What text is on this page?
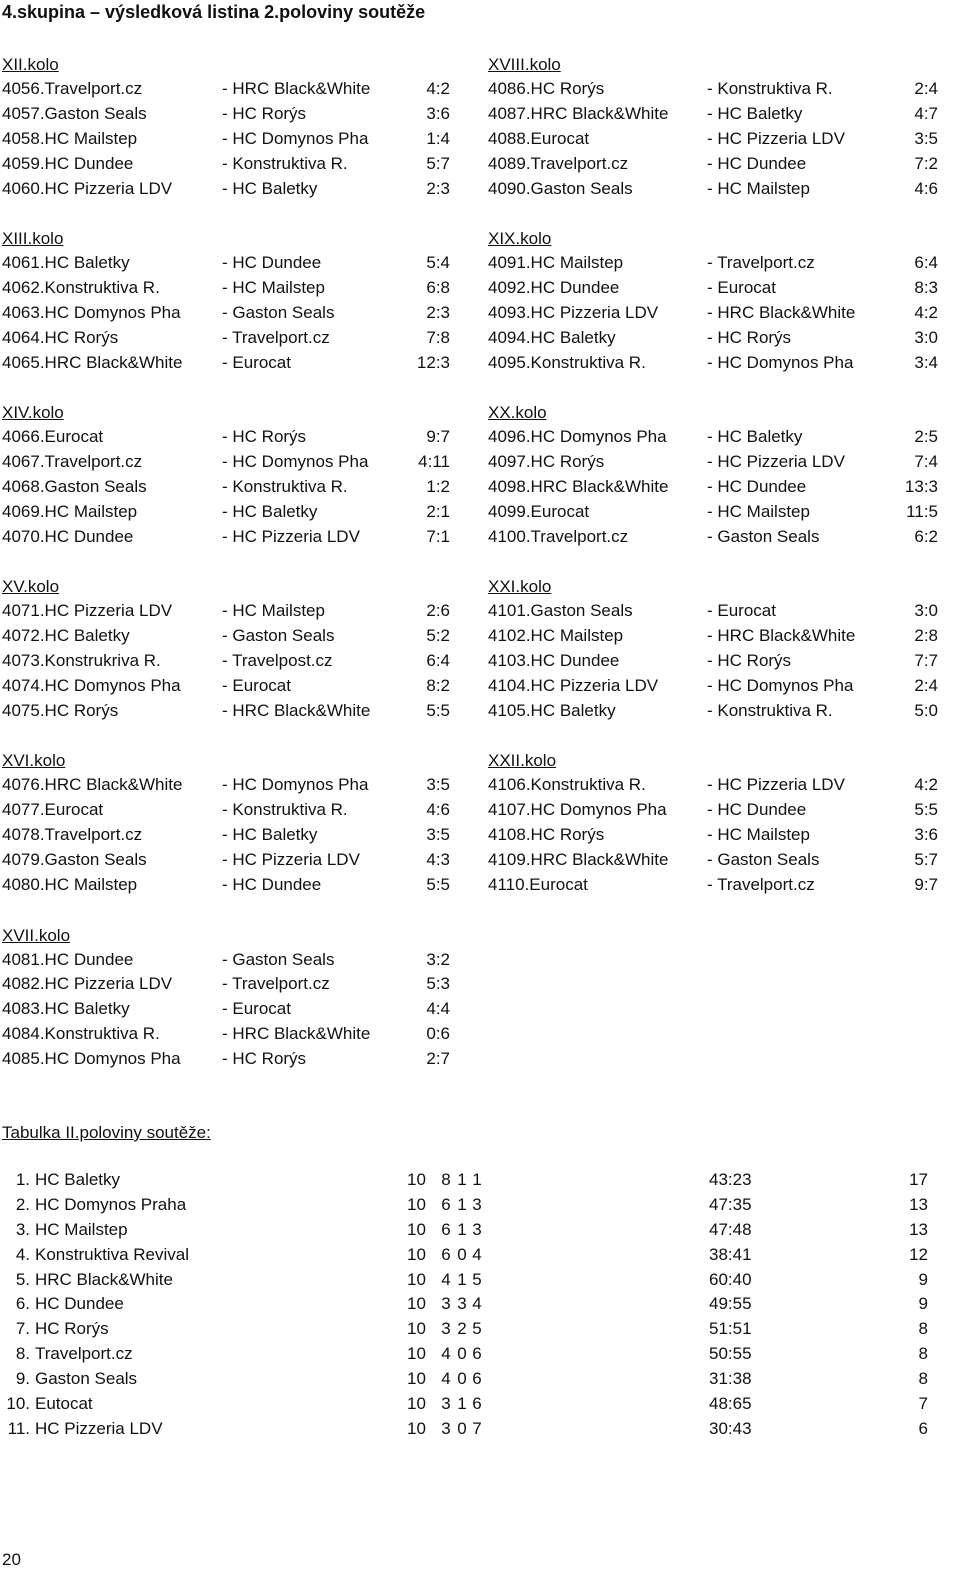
4.skupina – výsledková listina 2.poloviny soutěže
XII.kolo
4056.Travelport.cz	- HRC Black&White	4:2
4057.Gaston Seals	- HC Rorýs	3:6
4058.HC Mailstep	- HC Domynos Pha	1:4
4059.HC Dundee	- Konstruktiva R.	5:7
4060.HC Pizzeria LDV	- HC Baletky	2:3
XIII.kolo
4061.HC Baletky	- HC Dundee	5:4
4062.Konstruktiva R.	- HC Mailstep	6:8
4063.HC Domynos Pha - Gaston Seals	2:3
4064.HC Rorýs	- Travelport.cz	7:8
4065.HRC Black&White - Eurocat	12:3
XIV.kolo
4066.Eurocat	- HC Rorýs	9:7
4067.Travelport.cz	- HC Domynos Pha	4:11
4068.Gaston Seals	- Konstruktiva R.	1:2
4069.HC Mailstep	- HC Baletky	2:1
4070.HC Dundee	- HC Pizzeria LDV	7:1
XV.kolo
4071.HC Pizzeria LDV	- HC Mailstep	2:6
4072.HC Baletky	- Gaston Seals	5:2
4073.Konstrukriva R.	- Travelpost.cz	6:4
4074.HC Domynos Pha - Eurocat	8:2
4075.HC Rorýs	- HRC Black&White	5:5
XVI.kolo
4076.HRC Black&White - HC Domynos Pha	3:5
4077.Eurocat	- Konstruktiva R.	4:6
4078.Travelport.cz	- HC Baletky	3:5
4079.Gaston Seals	- HC Pizzeria LDV	4:3
4080.HC Mailstep	- HC Dundee	5:5
XVII.kolo
4081.HC Dundee	- Gaston Seals	3:2
4082.HC Pizzeria LDV	- Travelport.cz	5:3
4083.HC Baletky	- Eurocat	4:4
4084.Konstruktiva R.	- HRC Black&White	0:6
4085.HC Domynos Pha - HC Rorýs	2:7
XVIII.kolo
4086.HC Rorýs	- Konstruktiva R.	2:4
4087.HRC Black&White - HC Baletky	4:7
4088.Eurocat	- HC Pizzeria LDV	3:5
4089.Travelport.cz	- HC Dundee	7:2
4090.Gaston Seals	- HC Mailstep	4:6
XIX.kolo
4091.HC Mailstep	- Travelport.cz	6:4
4092.HC Dundee	- Eurocat	8:3
4093.HC Pizzeria LDV	- HRC Black&White	4:2
4094.HC Baletky	- HC Rorýs	3:0
4095.Konstruktiva R.	- HC Domynos Pha	3:4
XX.kolo
4096.HC Domynos Pha - HC Baletky	2:5
4097.HC Rorýs	- HC Pizzeria LDV	7:4
4098.HRC Black&White - HC Dundee	13:3
4099.Eurocat	- HC Mailstep	11:5
4100.Travelport.cz	- Gaston Seals	6:2
XXI.kolo
4101.Gaston Seals	- Eurocat	3:0
4102.HC Mailstep	- HRC Black&White	2:8
4103.HC Dundee	- HC Rorýs	7:7
4104.HC Pizzeria LDV	- HC Domynos Pha	2:4
4105.HC Baletky	- Konstruktiva R.	5:0
XXII.kolo
4106.Konstruktiva R.	- HC Pizzeria LDV	4:2
4107.HC Domynos Pha - HC Dundee	5:5
4108.HC Rorýs	- HC Mailstep	3:6
4109.HRC Black&White - Gaston Seals	5:7
4110.Eurocat	- Travelport.cz	9:7
Tabulka II.poloviny soutěže:
1. HC Baletky	10 8 1 1	43:23	17
2. HC Domynos Praha	10 6 1 3	47:35	13
3. HC Mailstep	10 6 1 3	47:48	13
4. Konstruktiva Revival	10 6 0 4	38:41	12
5. HRC Black&White	10 4 1 5	60:40	9
6. HC Dundee	10 3 3 4	49:55	9
7. HC Rorýs	10 3 2 5	51:51	8
8. Travelport.cz	10 4 0 6	50:55	8
9. Gaston Seals	10 4 0 6	31:38	8
10. Eutocat	10 3 1 6	48:65	7
11. HC Pizzeria LDV	10 3 0 7	30:43	6
20
